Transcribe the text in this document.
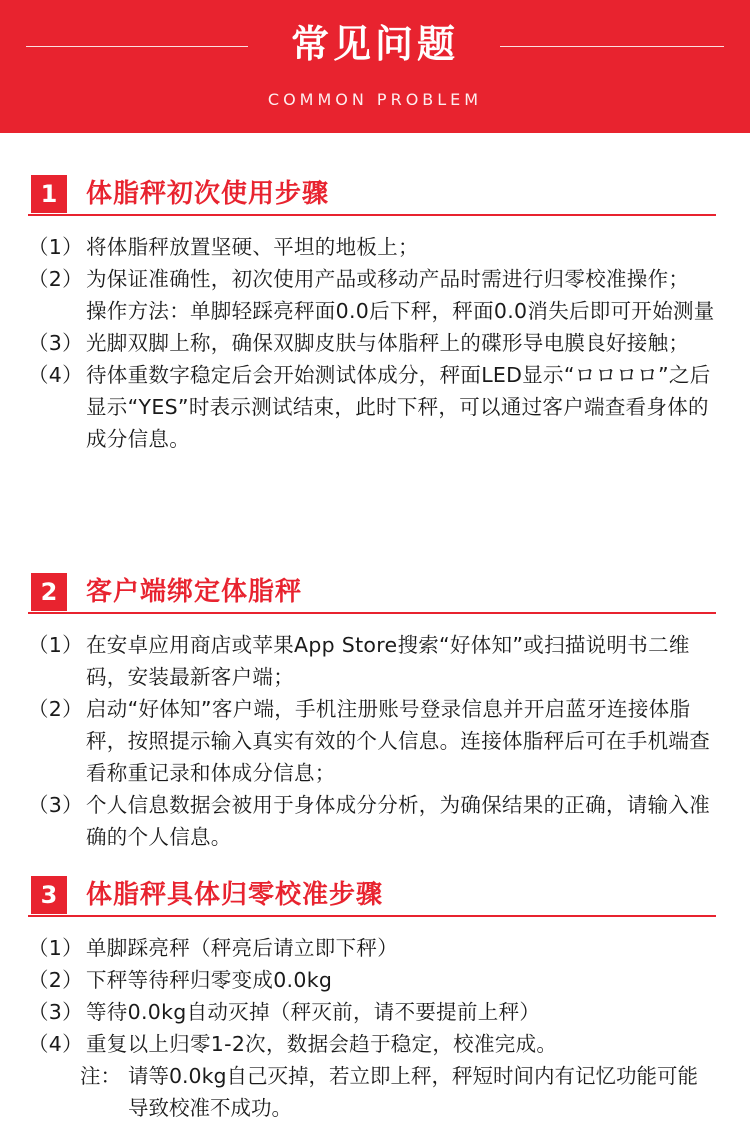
常见问题
COMMON PROBLEM
1	体脂秤初次使用步骤
（1） 将体脂秤放置坚硬、平坦的地板上；
（2） 为保证准确性，初次使用产品或移动产品时需进行归零校准操作；
操作方法：单脚轻踩亮秤面0.0后下秤，秤面0.0消失后即可开始测量
（3） 光脚双脚上称，确保双脚皮肤与体脂秤上的碟形导电膜良好接触；
（4） 待体重数字稳定后会开始测试体成分，秤面LED显示“ロロロロ”之后显示“YES”时表示测试结束，此时下秤，可以通过客户端查看身体的成分信息。
2	客户端绑定体脂秤
（1） 在安卓应用商店或苹果App Store搜索“好体知”或扫描说明书二维码，安装最新客户端；
（2） 启动“好体知”客户端，手机注册账号登录信息并开启蓝牙连接体脂秤，按照提示输入真实有效的个人信息。连接体脂秤后可在手机端查看称重记录和体成分信息；
（3） 个人信息数据会被用于身体成分分析，为确保结果的正确，请输入准确的个人信息。
3	体脂秤具体归零校准步骤
（1） 单脚踩亮秤（秤亮后请立即下秤）
（2） 下秤等待秤归零变成0.0kg
（3） 等待0.0kg自动灭掉（秤灭前，请不要提前上秤）
（4） 重复以上归零1-2次，数据会趋于稳定，校准完成。
注： 请等0.0kg自己灭掉，若立即上秤，秤短时间内有记忆功能可能导致校准不成功。
